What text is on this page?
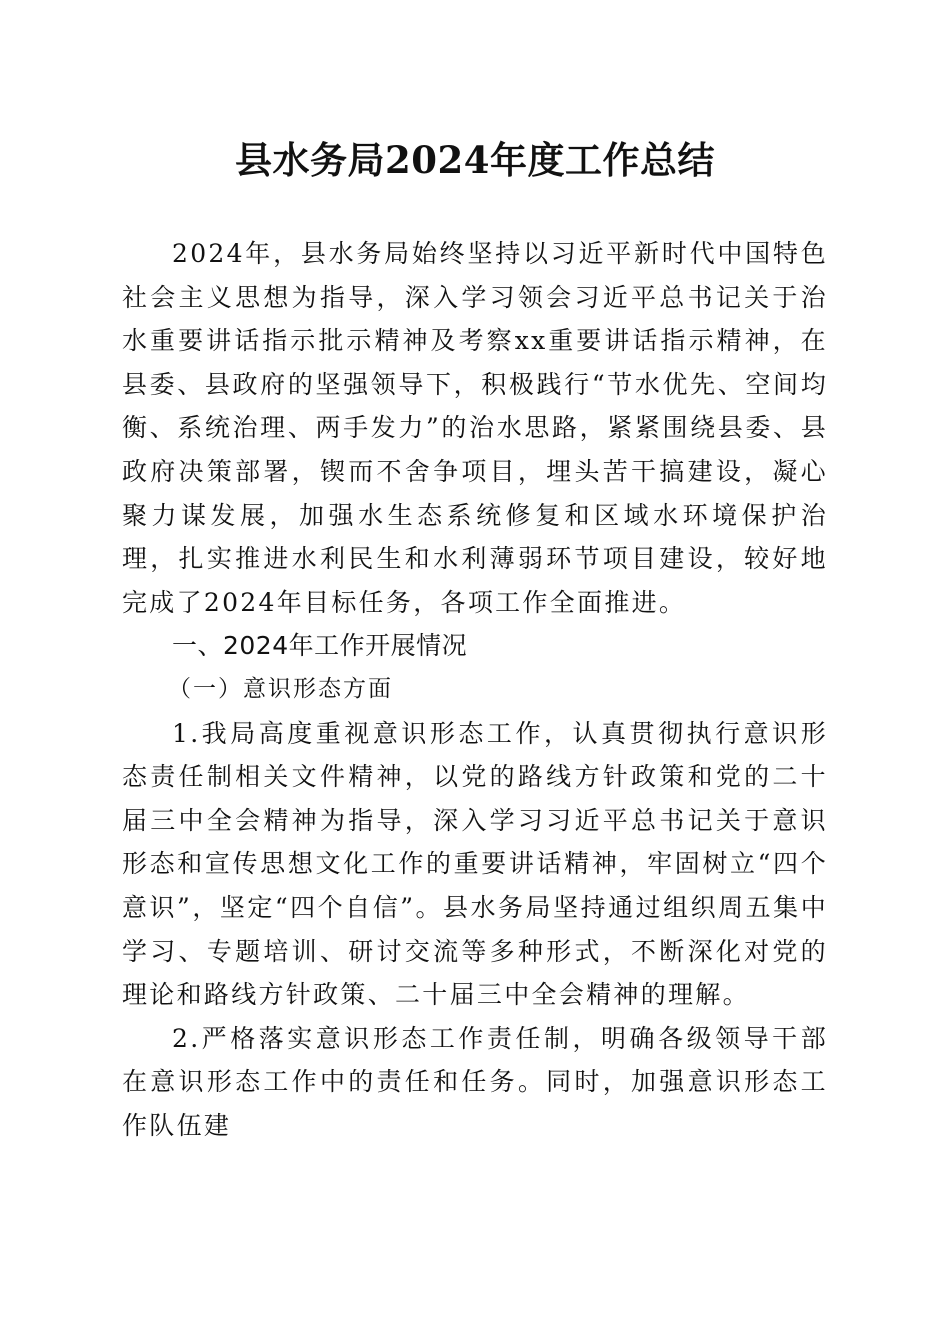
县水务局2024年度工作总结

2024年，县水务局始终坚持以习近平新时代中国特色社会主义思想为指导，深入学习领会习近平总书记关于治水重要讲话指示批示精神及考察xx重要讲话指示精神，在县委、县政府的坚强领导下，积极践行“节水优先、空间均衡、系统治理、两手发力”的治水思路，紧紧围绕县委、县政府决策部署，锲而不舍争项目，埋头苦干搞建设，凝心聚力谋发展，加强水生态系统修复和区域水环境保护治理，扎实推进水利民生和水利薄弱环节项目建设，较好地完成了2024年目标任务，各项工作全面推进。

一、2024年工作开展情况

（一）意识形态方面

1.我局高度重视意识形态工作，认真贯彻执行意识形态责任制相关文件精神，以党的路线方针政策和党的二十届三中全会精神为指导，深入学习习近平总书记关于意识形态和宣传思想文化工作的重要讲话精神，牢固树立“四个意识”，坚定“四个自信”。县水务局坚持通过组织周五集中学习、专题培训、研讨交流等多种形式，不断深化对党的理论和路线方针政策、二十届三中全会精神的理解。

2.严格落实意识形态工作责任制，明确各级领导干部在意识形态工作中的责任和任务。同时，加强意识形态工作队伍建
